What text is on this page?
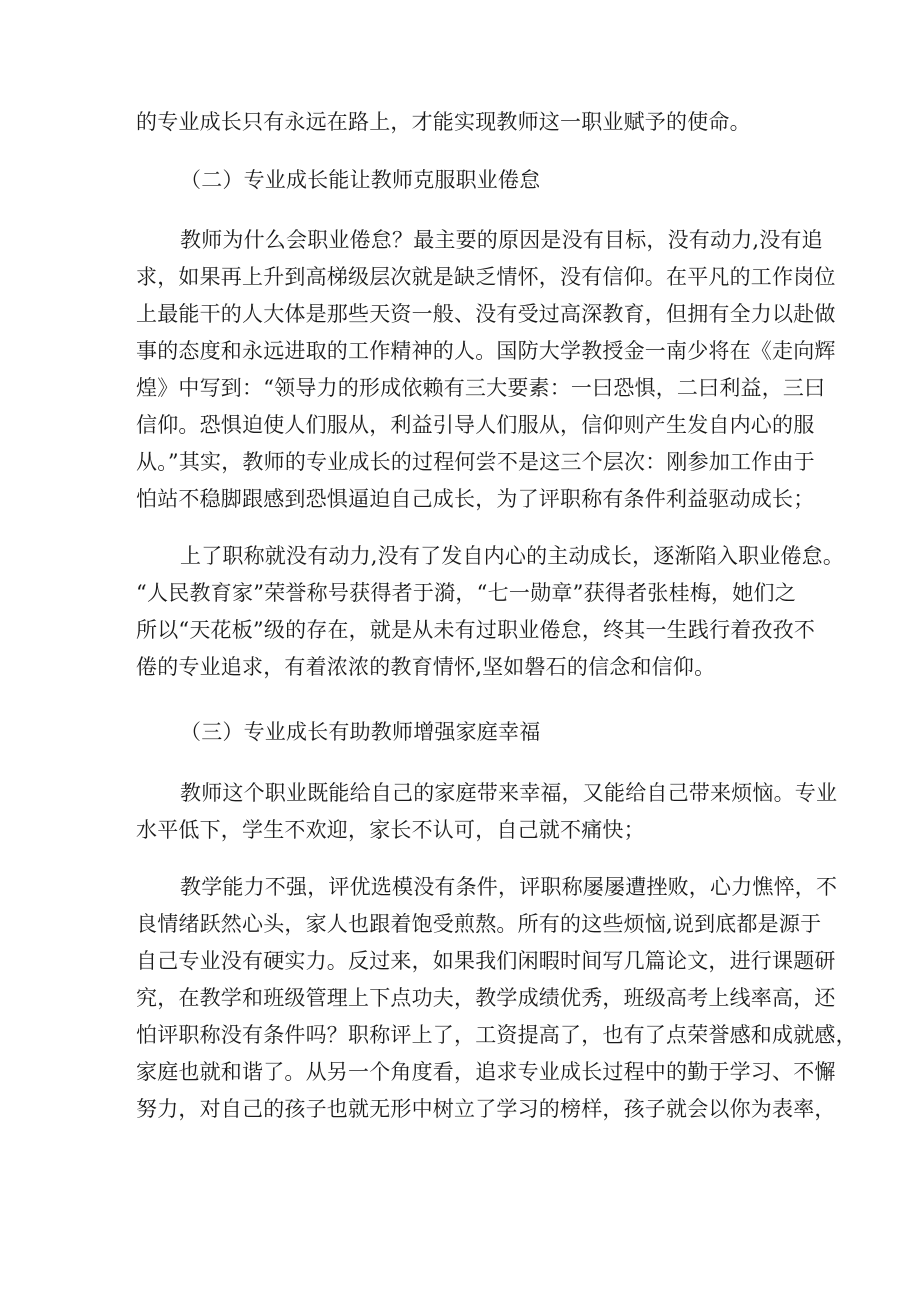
的专业成长只有永远在路上，才能实现教师这一职业赋予的使命。
（二）专业成长能让教师克服职业倦怠
教师为什么会职业倦怠？最主要的原因是没有目标，没有动力,没有追
求，如果再上升到高梯级层次就是缺乏情怀，没有信仰。在平凡的工作岗位
上最能干的人大体是那些天资一般、没有受过高深教育，但拥有全力以赴做
事的态度和永远进取的工作精神的人。国防大学教授金一南少将在《走向辉
煌》中写到：“领导力的形成依赖有三大要素：一曰恐惧，二曰利益，三曰
信仰。恐惧迫使人们服从，利益引导人们服从，信仰则产生发自内心的服
从。”其实，教师的专业成长的过程何尝不是这三个层次：刚参加工作由于
怕站不稳脚跟感到恐惧逼迫自己成长，为了评职称有条件利益驱动成长；
上了职称就没有动力,没有了发自内心的主动成长，逐渐陷入职业倦怠。
“人民教育家”荣誉称号获得者于漪，“七一勋章”获得者张桂梅，她们之
所以“天花板”级的存在，就是从未有过职业倦怠，终其一生践行着孜孜不
倦的专业追求，有着浓浓的教育情怀,坚如磐石的信念和信仰。
（三）专业成长有助教师增强家庭幸福
教师这个职业既能给自己的家庭带来幸福，又能给自己带来烦恼。专业
水平低下，学生不欢迎，家长不认可，自己就不痛快；
教学能力不强，评优选模没有条件，评职称屡屡遭挫败，心力憔悴，不
良情绪跃然心头，家人也跟着饱受煎熬。所有的这些烦恼,说到底都是源于
自己专业没有硬实力。反过来，如果我们闲暇时间写几篇论文，进行课题研
究，在教学和班级管理上下点功夫，教学成绩优秀，班级高考上线率高，还
怕评职称没有条件吗？职称评上了，工资提高了，也有了点荣誉感和成就感，
家庭也就和谐了。从另一个角度看，追求专业成长过程中的勤于学习、不懈
努力，对自己的孩子也就无形中树立了学习的榜样，孩子就会以你为表率，
